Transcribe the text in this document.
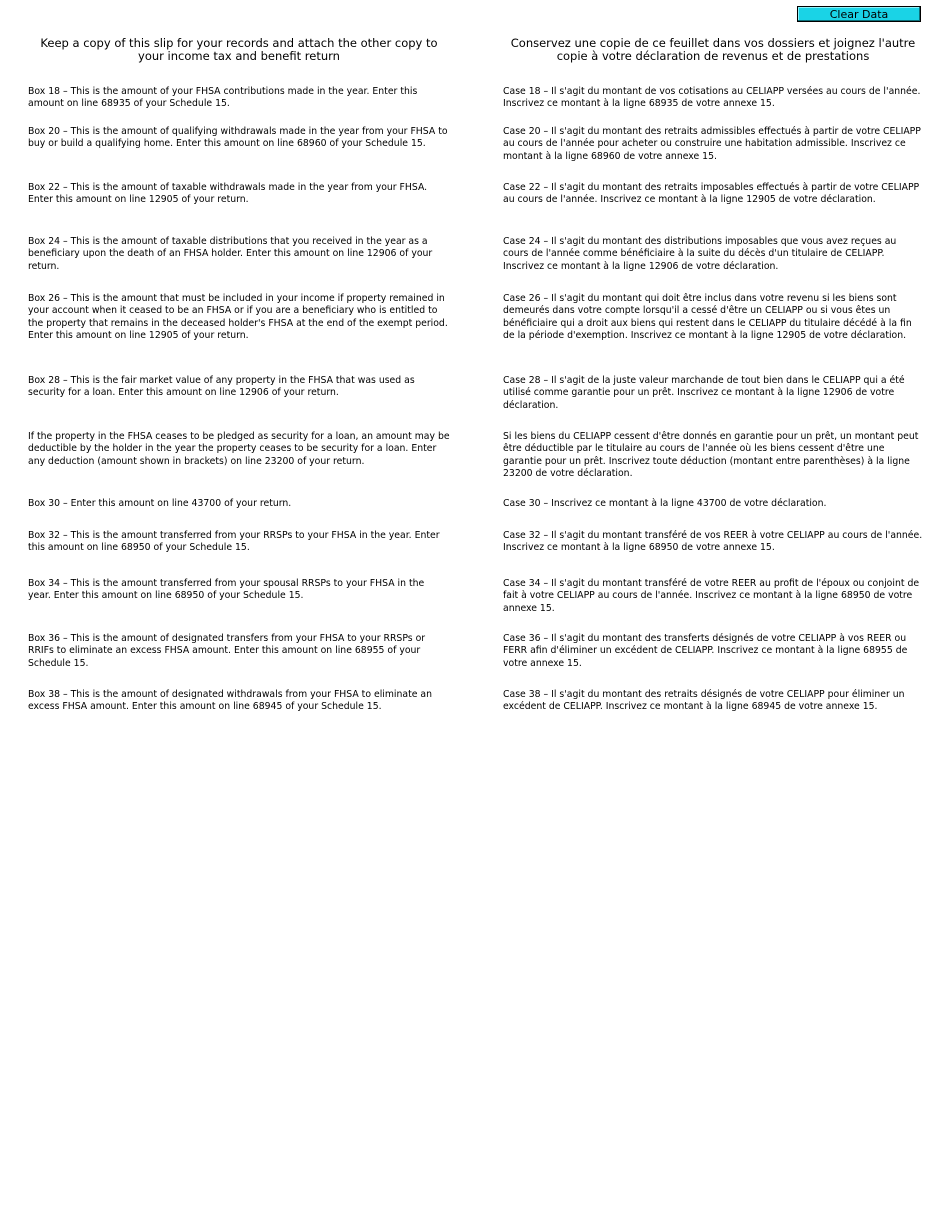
Clear Data

Keep a copy of this slip for your records and attach the other copy to your income tax and benefit return

Box 18 – This is the amount of your FHSA contributions made in the year. Enter this amount on line 68935 of your Schedule 15.

Box 20 – This is the amount of qualifying withdrawals made in the year from your FHSA to buy or build a qualifying home. Enter this amount on line 68960 of your Schedule 15.

Box 22 – This is the amount of taxable withdrawals made in the year from your FHSA. Enter this amount on line 12905 of your return.

Box 24 – This is the amount of taxable distributions that you received in the year as a beneficiary upon the death of an FHSA holder. Enter this amount on line 12906 of your return.

Box 26 – This is the amount that must be included in your income if property remained in your account when it ceased to be an FHSA or if you are a beneficiary who is entitled to the property that remains in the deceased holder's FHSA at the end of the exempt period. Enter this amount on line 12905 of your return.

Box 28 – This is the fair market value of any property in the FHSA that was used as security for a loan. Enter this amount on line 12906 of your return.

If the property in the FHSA ceases to be pledged as security for a loan, an amount may be deductible by the holder in the year the property ceases to be security for a loan. Enter any deduction (amount shown in brackets) on line 23200 of your return.

Box 30 – Enter this amount on line 43700 of your return.

Box 32 – This is the amount transferred from your RRSPs to your FHSA in the year. Enter this amount on line 68950 of your Schedule 15.

Box 34 – This is the amount transferred from your spousal RRSPs to your FHSA in the year. Enter this amount on line 68950 of your Schedule 15.

Box 36 – This is the amount of designated transfers from your FHSA to your RRSPs or RRIFs to eliminate an excess FHSA amount. Enter this amount on line 68955 of your Schedule 15.

Box 38 – This is the amount of designated withdrawals from your FHSA to eliminate an excess FHSA amount. Enter this amount on line 68945 of your Schedule 15.

Conservez une copie de ce feuillet dans vos dossiers et joignez l'autre copie à votre déclaration de revenus et de prestations

Case 18 – Il s'agit du montant de vos cotisations au CELIAPP versées au cours de l'année. Inscrivez ce montant à la ligne 68935 de votre annexe 15.

Case 20 – Il s'agit du montant des retraits admissibles effectués à partir de votre CELIAPP au cours de l'année pour acheter ou construire une habitation admissible. Inscrivez ce montant à la ligne 68960 de votre annexe 15.

Case 22 – Il s'agit du montant des retraits imposables effectués à partir de votre CELIAPP au cours de l'année. Inscrivez ce montant à la ligne 12905 de votre déclaration.

Case 24 – Il s'agit du montant des distributions imposables que vous avez reçues au cours de l'année comme bénéficiaire à la suite du décès d'un titulaire de CELIAPP. Inscrivez ce montant à la ligne 12906 de votre déclaration.

Case 26 – Il s'agit du montant qui doit être inclus dans votre revenu si les biens sont demeurés dans votre compte lorsqu'il a cessé d'être un CELIAPP ou si vous êtes un bénéficiaire qui a droit aux biens qui restent dans le CELIAPP du titulaire décédé à la fin de la période d'exemption. Inscrivez ce montant à la ligne 12905 de votre déclaration.

Case 28 – Il s'agit de la juste valeur marchande de tout bien dans le CELIAPP qui a été utilisé comme garantie pour un prêt. Inscrivez ce montant à la ligne 12906 de votre déclaration.

Si les biens du CELIAPP cessent d'être donnés en garantie pour un prêt, un montant peut être déductible par le titulaire au cours de l'année où les biens cessent d'être une garantie pour un prêt. Inscrivez toute déduction (montant entre parenthèses) à la ligne 23200 de votre déclaration.

Case 30 – Inscrivez ce montant à la ligne 43700 de votre déclaration.

Case 32 – Il s'agit du montant transféré de vos REER à votre CELIAPP au cours de l'année. Inscrivez ce montant à la ligne 68950 de votre annexe 15.

Case 34 – Il s'agit du montant transféré de votre REER au profit de l'époux ou conjoint de fait à votre CELIAPP au cours de l'année. Inscrivez ce montant à la ligne 68950 de votre annexe 15.

Case 36 – Il s'agit du montant des transferts désignés de votre CELIAPP à vos REER ou FERR afin d'éliminer un excédent de CELIAPP. Inscrivez ce montant à la ligne 68955 de votre annexe 15.

Case 38 – Il s'agit du montant des retraits désignés de votre CELIAPP pour éliminer un excédent de CELIAPP. Inscrivez ce montant à la ligne 68945 de votre annexe 15.
